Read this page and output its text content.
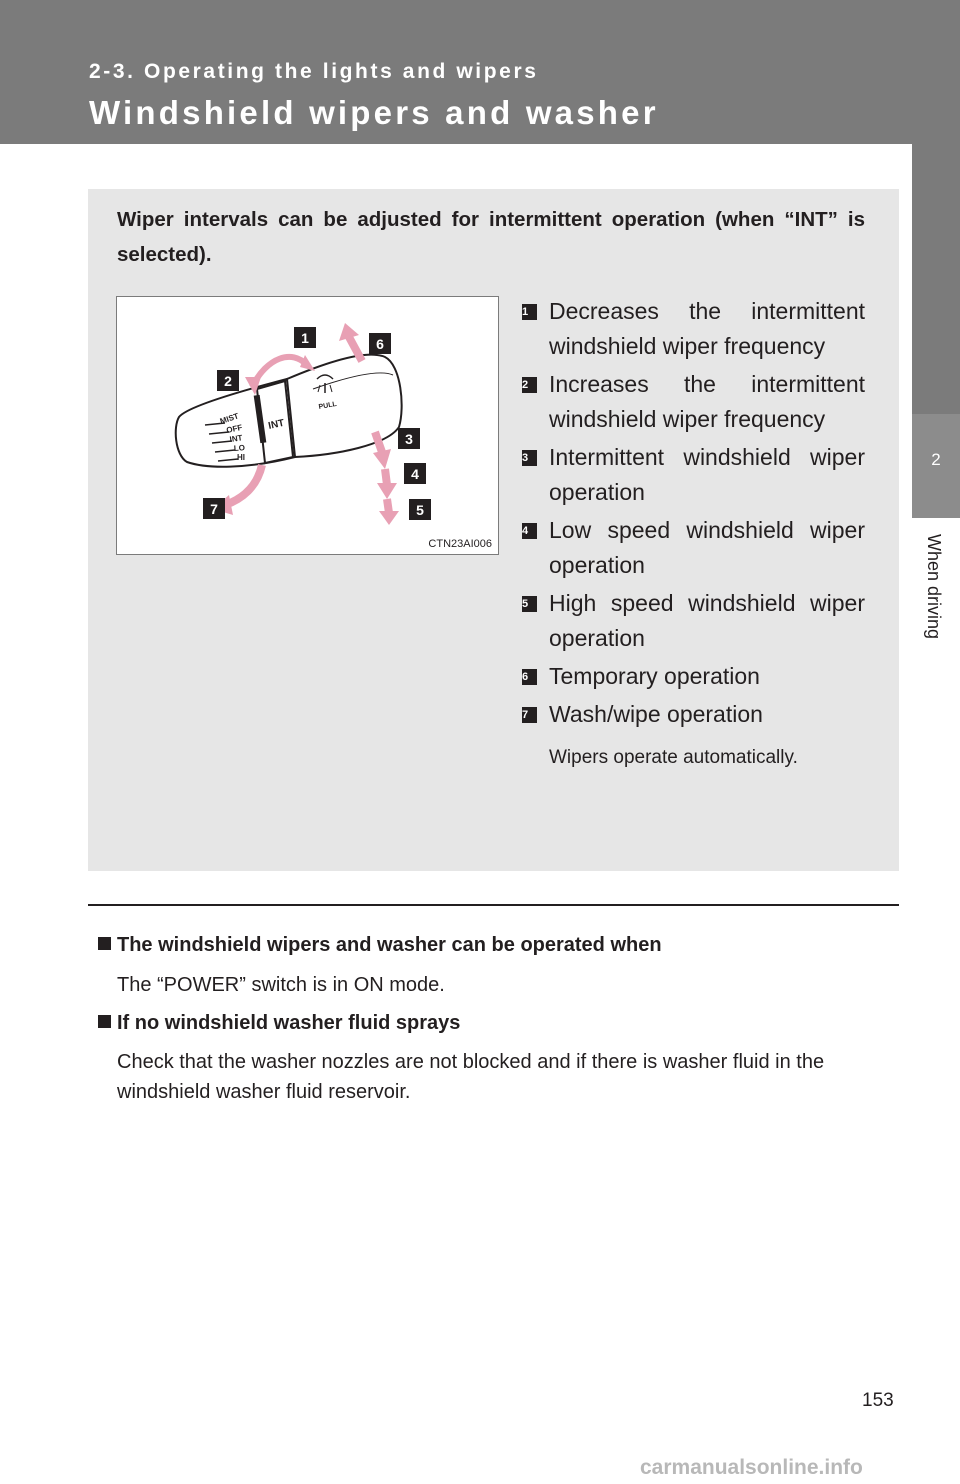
2-3. Operating the lights and wipers
Windshield wipers and washer
2
When driving
Wiper intervals can be adjusted for intermittent operation (when “INT” is selected).
MIST
OFF
INT
LO
HI
INT
PULL
1
2
3
4
5
6
7
CTN23AI006
1 Decreases the intermittent windshield wiper frequency
2 Increases the intermittent windshield wiper frequency
3 Intermittent windshield wiper operation
4 Low speed windshield wiper operation
5 High speed windshield wiper operation
6 Temporary operation
7 Wash/wipe operation
Wipers operate automatically.
The windshield wipers and washer can be operated when
The “POWER” switch is in ON mode.
If no windshield washer fluid sprays
Check that the washer nozzles are not blocked and if there is washer fluid in the windshield washer fluid reservoir.
153
carmanualsonline.info
